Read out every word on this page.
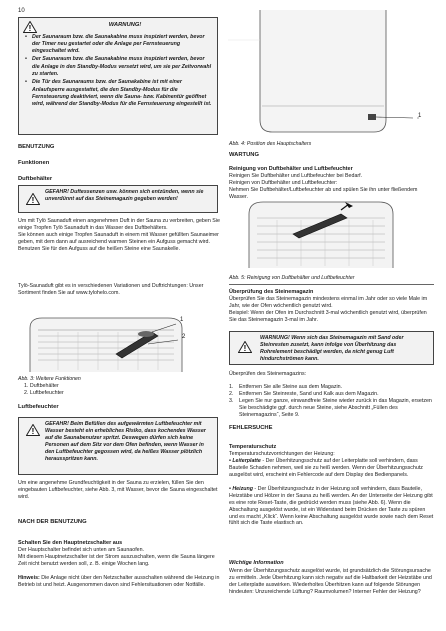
10
!	WARNUNG!
• Der Saunaraum bzw. die Saunakabine muss inspiziert werden, bevor der Timer neu gestartet oder die Anlage per Fernsteuerung eingeschaltet wird.
• Der Saunaraum bzw. die Saunakabine muss inspiziert werden, bevor die Anlage in den Standby-Modus versetzt wird, um sie per Zeitvorwahl zu starten.
• Die Tür des Saunaraums bzw. der Saunakabine ist mit einer Anlaufsperre ausgestattet, die den Standby-Modus für die Fernsteuerung deaktiviert, wenn die Sauna- bzw. Kabinentür geöffnet wird, während der Standby-Modus für die Fernsteuerung eingestellt ist.
BENUTZUNG
Funktionen
Duftbehälter
!
GEFAHR! Duftessenzen usw. können sich entzünden, wenn sie unverdünnt auf das Steinemagazin gegeben werden!
Um mit Tylö Saunaduft einen angenehmen Duft in der Sauna zu verbreiten, geben Sie einige Tropfen Tylö Saunaduft in das Wasser des Duftbehälters.
Sie können auch einige Tropfen Saunaduft in einem mit Wasser gefüllten Saunaeimer geben, mit dem dann auf ausreichend warmen Steinen ein Aufguss gemacht wird. Benutzen Sie für den Aufguss auf die heißen Steine eine Saunakelle.
Tylö-Saunaduft gibt es in verschiedenen Variationen und Duftrichtungen: Unser Sortiment finden Sie auf www.tylohelo.com.
1
2
Abb. 3: Weitere Funktionen
1. Duftbehälter
2. Luftbefeuchter
Luftbefeuchter
!
GEFAHR! Beim Befüllen des aufgewärmten Luftbefeuchter mit Wasser besteht ein erhebliches Risiko, dass kochendes Wasser auf die Saunabenutzer spritzt. Deswegen dürfen sich keine Personen auf dem Sitz vor dem Ofen befinden, wenn Wasser in den Luftbefeuchter gegossen wird, da heißes Wasser plötzlich herausspritzen kann.
Um eine angenehme Grundfeuchtigkeit in der Sauna zu erzielen, füllen Sie den eingebauten Luftbefeuchter, siehe Abb. 3, mit Wasser, bevor die Sauna eingeschaltet wird.
NACH DER BENUTZUNG
Schalten Sie den Hauptnetzschalter aus
Der Hauptschalter befindet sich unten am Saunaofen.
Mit diesem Hauptnetzschalter ist der Strom auszuschalten, wenn die Sauna längere Zeit nicht benutzt werden soll, z. B. einige Wochen lang.
Hinweis: Die Anlage nicht über den Netzschalter ausschalten während die Heizung in Betrieb ist und heizt. Ausgenommen davon sind Fehlersituationen oder Notfälle.
1
Abb. 4: Position des Hauptschalters
WARTUNG
Reinigung von Duftbehälter und Luftbefeuchter
Reinigen Sie Duftbehälter und Luftbefeuchter bei Bedarf.
Reinigen von Duftbehälter und Luftbefeuchter:
Nehmen Sie Duftbehälter/Luftbefeuchter ab und spülen Sie ihn unter fließendem Wasser.
Abb. 5: Reinigung von Duftbehälter und Luftbefeuchter
Überprüfung des Steinemagazin
Überprüfen Sie das Steinemagazin mindestens einmal im Jahr oder so viele Male im Jahr, wie der Ofen wöchentlich genutzt wird.
Beispiel: Wenn der Ofen im Durchschnitt 3-mal wöchentlich genutzt wird, überprüfen Sie das Steinemagazin 3-mal im Jahr.
!
WARNUNG! Wenn sich das Steinemagazin mit Sand oder Steinresten zusetzt, kann infolge von Überhitzung das Rohrelement beschädigt werden, da nicht genug Luft hindurchströmen kann.
Überprüfen des Steinemagazins:
1. Entfernen Sie alle Steine aus dem Magazin.
2. Entfernen Sie Steinreste, Sand und Kalk aus dem Magazin.
3. Legen Sie nur ganze, einwandfreie Steine wieder zurück in das Magazin, ersetzen Sie beschädigte ggf. durch neue Steine, siehe Abschnitt „Füllen des Steinemagazins“, Seite 9.
FEHLERSUCHE
Temperaturschutz
Temperaturschutzvorrichtungen der Heizung:
• Leiterplatte - Der Überhitzungsschutz auf der Leiterplatte soll verhindern, dass Bauteile Schaden nehmen, weil sie zu heiß werden. Wenn der Überhitzungsschutz ausgelöst wird, erscheint ein Fehlercode auf dem Display des Bedienpanels.
• Heizung - Der Überhitzungsschutz in der Heizung soll verhindern, dass Bauteile, Heizstäbe und Hölzer in der Sauna zu heiß werden. An der Unterseite der Heizung gibt es eine rote Reset-Taste, die gedrückt werden muss (siehe Abb. 6). Wenn die Abschaltung ausgelöst wurde, ist ein Widerstand beim Drücken der Taste zu spüren und es macht „Klick“. Wenn keine Abschaltung ausgelöst wurde sowie nach dem Reset fühlt sich die Taste elastisch an.
Wichtige Information
Wenn der Überhitzungsschutz ausgelöst wurde, ist grundsätzlich die Störungsursache zu ermitteln. Jede Überhitzung kann sich negativ auf die Haltbarkeit der Heizstäbe und der Leiterplatte auswirken. Wiederholtes Überhitzen kann auf folgende Störungen hindeuten: Unzureichende Lüftung? Raumvolumen? Interner Fehler der Heizung?
